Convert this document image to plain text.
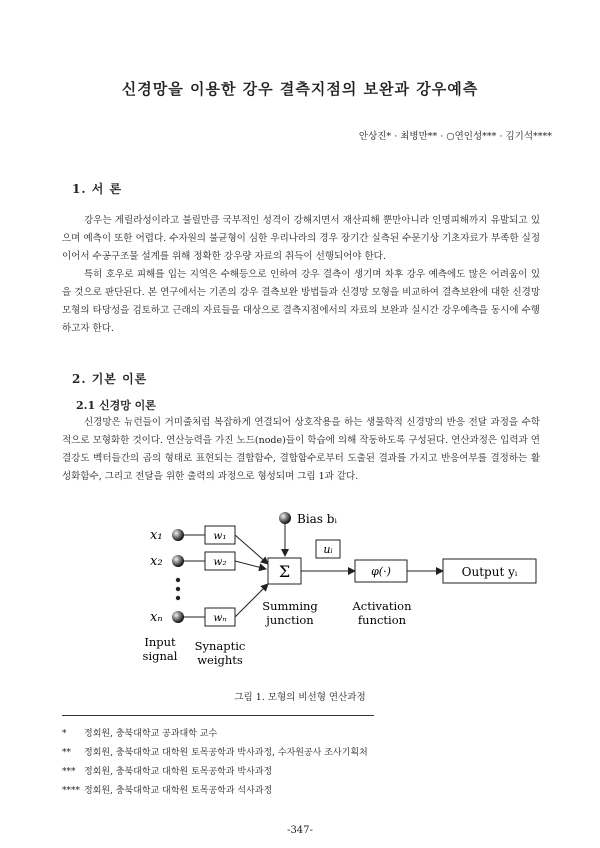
신경망을 이용한 강우 결측지점의 보완과 강우예측
안상진* · 최병만** · ○연인성*** · 김기석****
1. 서 론

강우는 게릴라성이라고 불릴만큼 국부적인 성격이 강해지면서 재산피해 뿐만아니라 인명피해까지 유발되고 있으며 예측이 또한 어렵다. 수자원의 불균형이 심한 우리나라의 경우 장기간 실측된 수문기상 기초자료가 부족한 실정이어서 수공구조물 설계를 위해 정확한 강우량 자료의 취득이 선행되어야 한다.

특히 호우로 피해를 입는 지역은 수해등으로 인하여 강우 결측이 생기며 차후 강우 예측에도 많은 어려움이 있을 것으로 판단된다. 본 연구에서는 기존의 강우 결측보완 방법들과 신경망 모형을 비교하여 결측보완에 대한 신경망 모형의 타당성을 검토하고 근래의 자료들을 대상으로 결측지점에서의 자료의 보완과 실시간 강우예측을 동시에 수행하고자 한다.

2. 기본 이론
2.1 신경망 이론

신경망은 뉴런들이 거미줄처럼 복잡하게 연결되어 상호작용을 하는 생물학적 신경망의 반응 전달 과정을 수학적으로 모형화한 것이다. 연산능력을 가진 노드(node)들이 학습에 의해 작동하도록 구성된다. 연산과정은 입력과 연결강도 벡터들간의 곱의 형태로 표현되는 결합함수, 결합함수로부터 도출된 결과를 가지고 반응여부를 결정하는 활성화함수, 그리고 전달을 위한 출력의 과정으로 형성되며 그림 1과 같다.

x₁
x₂
xₙ
w₁
w₂
wₙ
Bias bᵢ
Σ
uᵢ
φ(·)	Output yᵢ
Input
signal
Synaptic
weights
Summing
junction
Activation
function
그림 1. 모형의 비선형 연산과정
* 정회원, 충북대학교 공과대학 교수
** 정회원, 충북대학교 대학원 토목공학과 박사과정, 수자원공사 조사기획처
*** 정회원, 충북대학교 대학원 토목공학과 박사과정
**** 정회원, 충북대학교 대학원 토목공학과 석사과정
-347-
